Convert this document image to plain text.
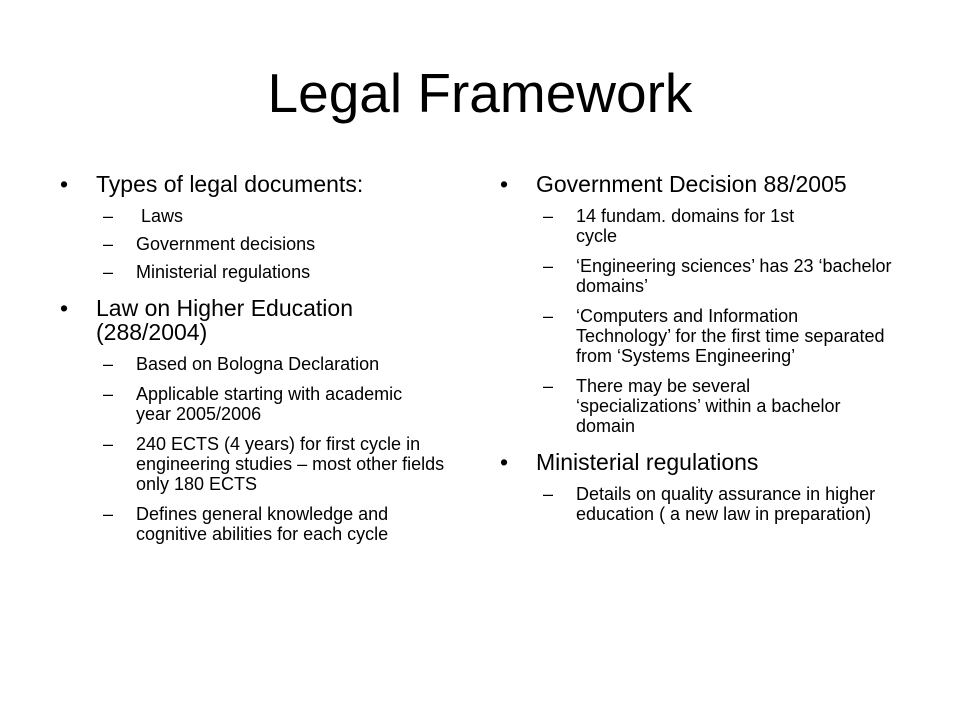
Legal Framework
•	Types of legal documents:
–	Laws
–	Government decisions
–	Ministerial regulations
•	Law on Higher Education (288/2004)
–	Based on Bologna Declaration
–	Applicable starting with academic year 2005/2006
–	240 ECTS (4 years) for first cycle in engineering studies – most other fields only 180 ECTS
–	Defines general knowledge and cognitive abilities for each cycle
•	Government Decision 88/2005
–	14 fundam. domains for 1st cycle
–	‘Engineering sciences’ has 23 ‘bachelor domains’
–	‘Computers and Information Technology’ for the first time separated from ‘Systems Engineering’
–	There may be several ‘specializations’ within a bachelor domain
•	Ministerial regulations
–	Details on quality assurance in higher education ( a new law in preparation)
